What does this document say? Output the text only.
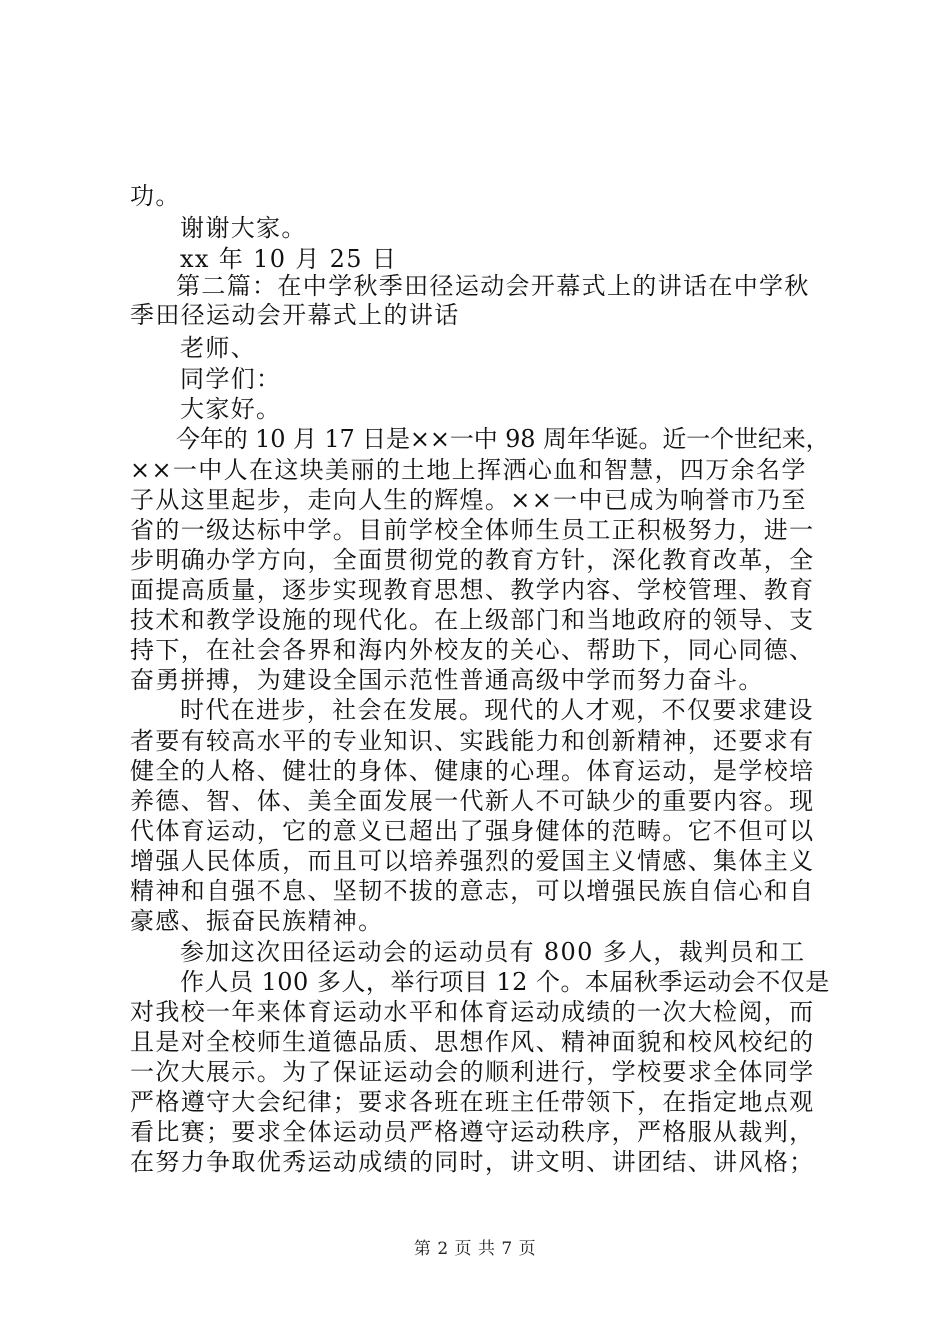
功。
谢谢大家。
xx 年 10 月 25 日
第二篇：在中学秋季田径运动会开幕式上的讲话在中学秋
季田径运动会开幕式上的讲话
老师、
同学们：
大家好。
今年的 10 月 17 日是××一中 98 周年华诞。近一个世纪来，
××一中人在这块美丽的土地上挥洒心血和智慧，四万余名学
子从这里起步，走向人生的辉煌。××一中已成为响誉市乃至
省的一级达标中学。目前学校全体师生员工正积极努力，进一
步明确办学方向，全面贯彻党的教育方针，深化教育改革，全
面提高质量，逐步实现教育思想、教学内容、学校管理、教育
技术和教学设施的现代化。在上级部门和当地政府的领导、支
持下，在社会各界和海内外校友的关心、帮助下，同心同德、
奋勇拼搏，为建设全国示范性普通高级中学而努力奋斗。
时代在进步，社会在发展。现代的人才观，不仅要求建设
者要有较高水平的专业知识、实践能力和创新精神，还要求有
健全的人格、健壮的身体、健康的心理。体育运动，是学校培
养德、智、体、美全面发展一代新人不可缺少的重要内容。现
代体育运动，它的意义已超出了强身健体的范畴。它不但可以
增强人民体质，而且可以培养强烈的爱国主义情感、集体主义
精神和自强不息、坚韧不拔的意志，可以增强民族自信心和自
豪感、振奋民族精神。
参加这次田径运动会的运动员有 800 多人，裁判员和工
作人员 100 多人，举行项目 12 个。本届秋季运动会不仅是
对我校一年来体育运动水平和体育运动成绩的一次大检阅，而
且是对全校师生道德品质、思想作风、精神面貌和校风校纪的
一次大展示。为了保证运动会的顺利进行，学校要求全体同学
严格遵守大会纪律；要求各班在班主任带领下，在指定地点观
看比赛；要求全体运动员严格遵守运动秩序，严格服从裁判，
在努力争取优秀运动成绩的同时，讲文明、讲团结、讲风格；
第 2 页 共 7 页
